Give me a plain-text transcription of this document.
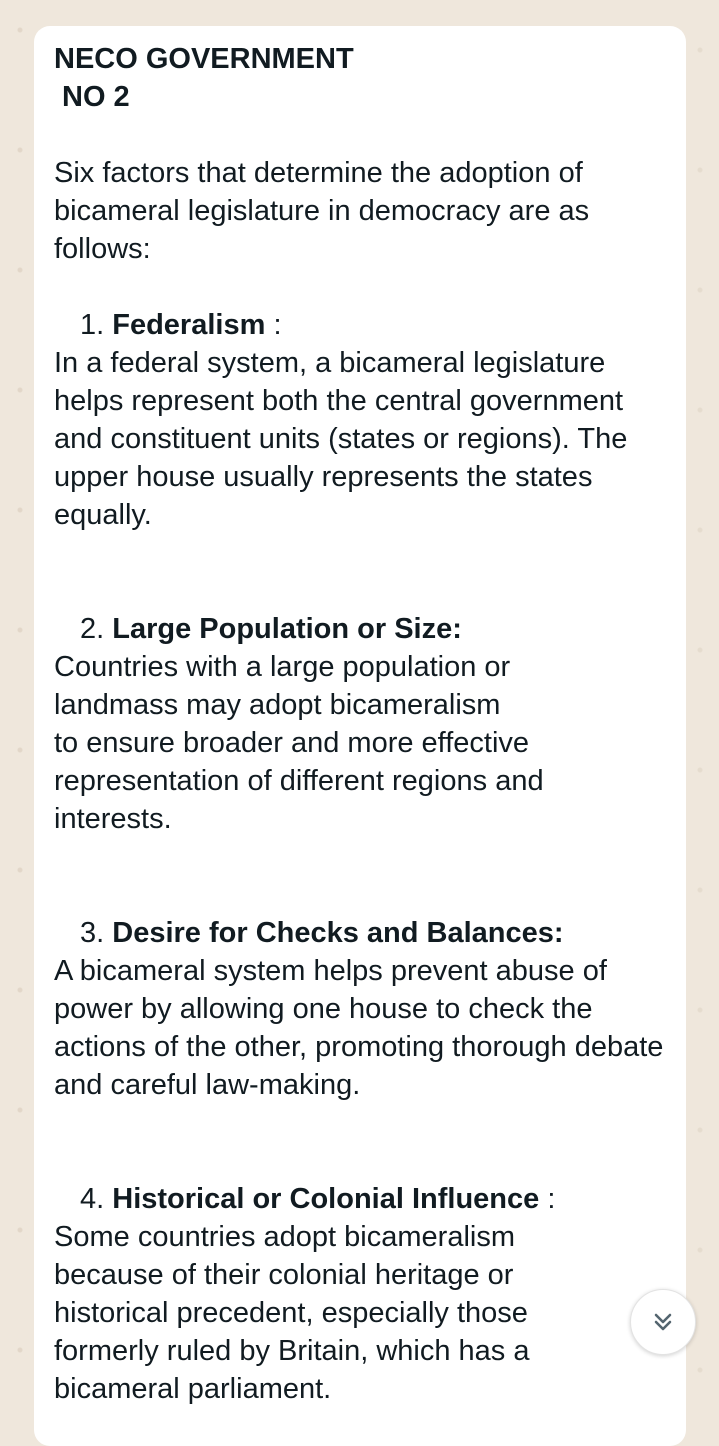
NECO GOVERNMENT

NO 2

Six factors that determine the adoption of bicameral legislature in democracy are as follows:

1. Federalism :

In a federal system, a bicameral legislature helps represent both the central government and constituent units (states or regions). The upper house usually represents the states equally.

2. Large Population or Size:

Countries with a large population or landmass may adopt bicameralism

to ensure broader and more effective representation of different regions and interests.

3. Desire for Checks and Balances:

A bicameral system helps prevent abuse of power by allowing one house to check the actions of the other, promoting thorough debate and careful law-making.

4. Historical or Colonial Influence :

Some countries adopt bicameralism because of their colonial heritage or historical precedent, especially those formerly ruled by Britain, which has a bicameral parliament.
